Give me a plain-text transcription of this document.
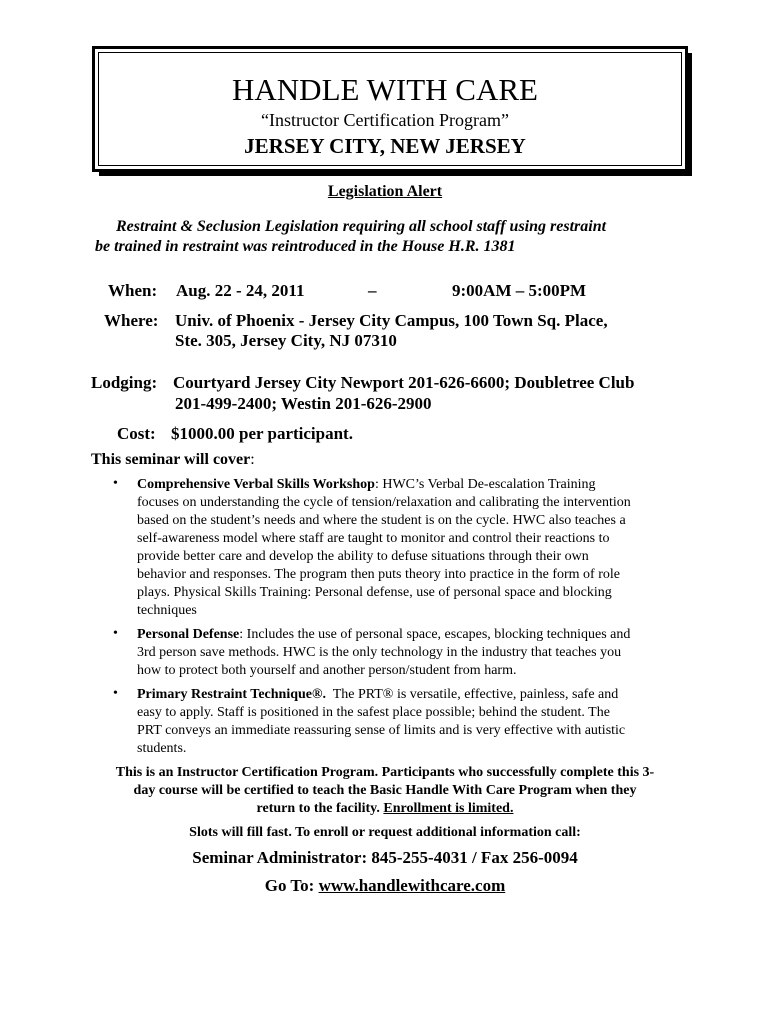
HANDLE WITH CARE
“Instructor Certification Program”
JERSEY CITY, NEW JERSEY
Legislation Alert
Restraint & Seclusion Legislation requiring all school staff using restraint
be trained in restraint was reintroduced in the House H.R. 1381
When: Aug. 22 - 24, 2011	–	9:00AM – 5:00PM
Where: Univ. of Phoenix - Jersey City Campus, 100 Town Sq. Place,
Ste. 305, Jersey City, NJ 07310
Lodging: Courtyard Jersey City Newport 201-626-6600; Doubletree Club
201-499-2400; Westin 201-626-2900
Cost: $1000.00 per participant.
This seminar will cover:
• Comprehensive Verbal Skills Workshop: HWC’s Verbal De-escalation Training
focuses on understanding the cycle of tension/relaxation and calibrating the intervention
based on the student’s needs and where the student is on the cycle. HWC also teaches a
self-awareness model where staff are taught to monitor and control their reactions to
provide better care and develop the ability to defuse situations through their own
behavior and responses. The program then puts theory into practice in the form of role
plays. Physical Skills Training: Personal defense, use of personal space and blocking
techniques
• Personal Defense: Includes the use of personal space, escapes, blocking techniques and
3rd person save methods. HWC is the only technology in the industry that teaches you
how to protect both yourself and another person/student from harm.
• Primary Restraint Technique®.  The PRT® is versatile, effective, painless, safe and
easy to apply. Staff is positioned in the safest place possible; behind the student. The
PRT conveys an immediate reassuring sense of limits and is very effective with autistic
students.
This is an Instructor Certification Program. Participants who successfully complete this 3-
day course will be certified to teach the Basic Handle With Care Program when they
return to the facility. Enrollment is limited.
Slots will fill fast. To enroll or request additional information call:
Seminar Administrator: 845-255-4031 / Fax 256-0094
Go To: www.handlewithcare.com
